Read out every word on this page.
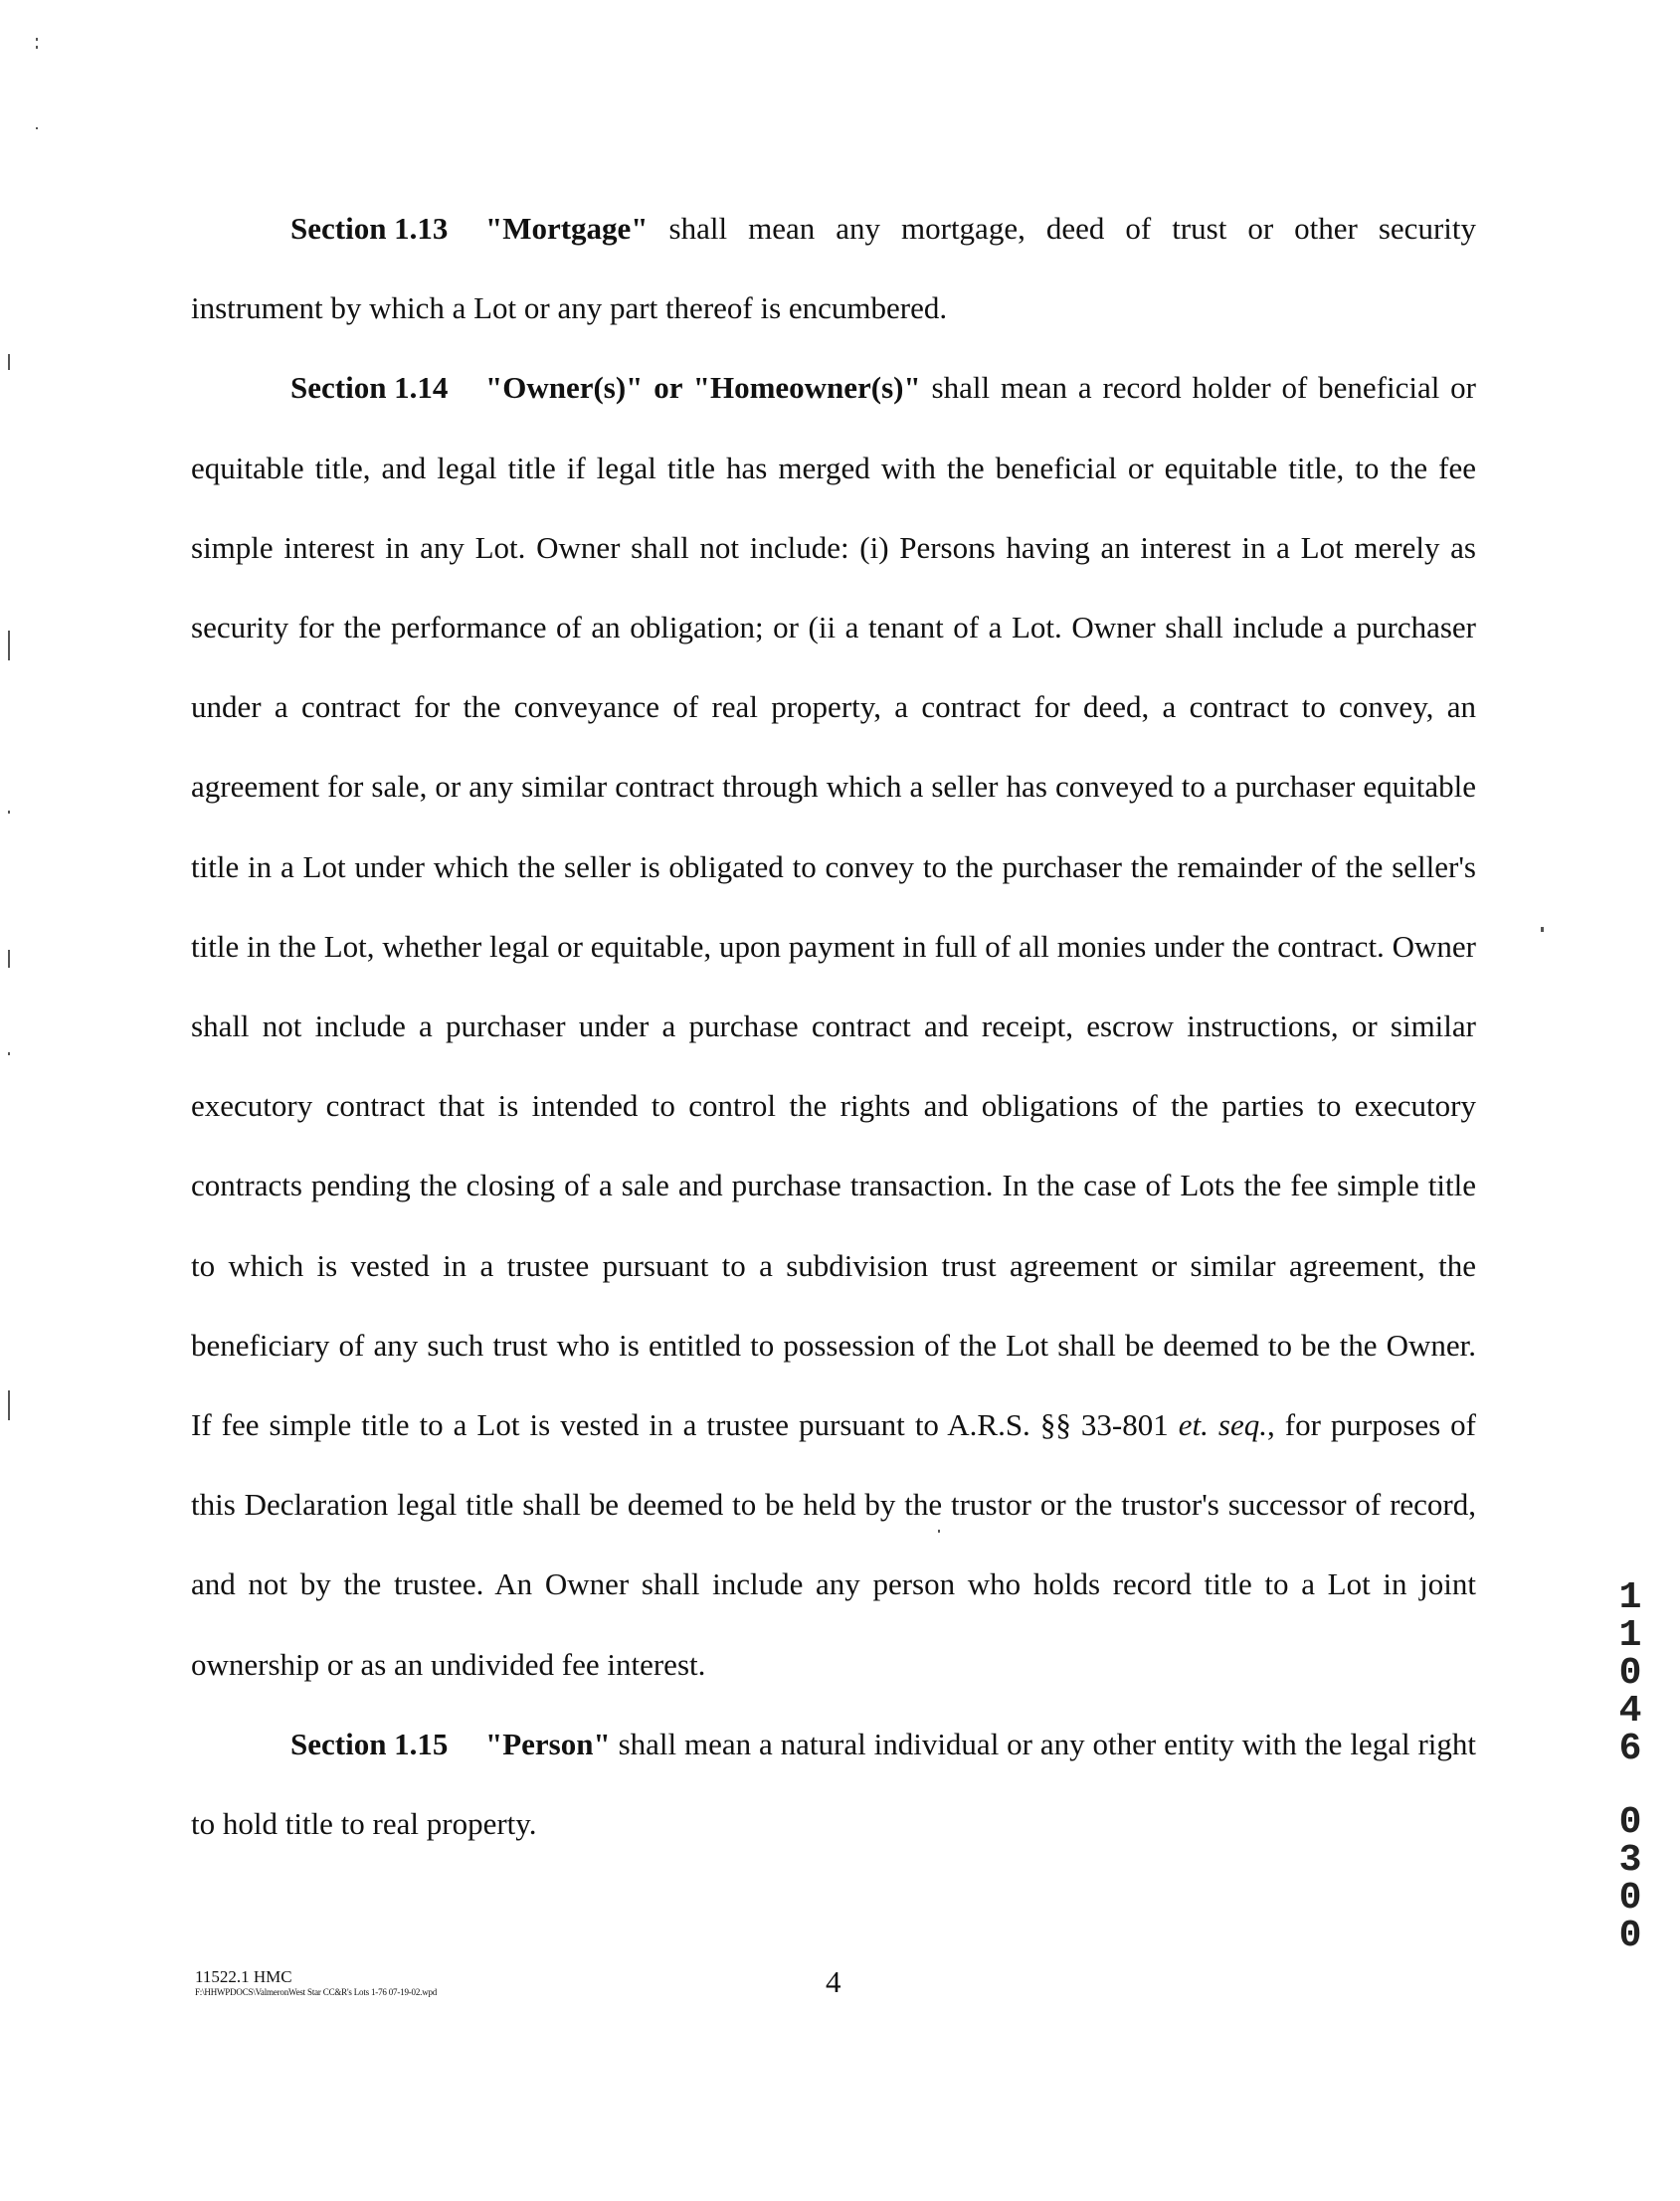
Section 1.13 "Mortgage" shall mean any mortgage, deed of trust or other security instrument by which a Lot or any part thereof is encumbered.

Section 1.14 "Owner(s)" or "Homeowner(s)" shall mean a record holder of beneficial or equitable title, and legal title if legal title has merged with the beneficial or equitable title, to the fee simple interest in any Lot. Owner shall not include: (i) Persons having an interest in a Lot merely as security for the performance of an obligation; or (ii a tenant of a Lot. Owner shall include a purchaser under a contract for the conveyance of real property, a contract for deed, a contract to convey, an agreement for sale, or any similar contract through which a seller has conveyed to a purchaser equitable title in a Lot under which the seller is obligated to convey to the purchaser the remainder of the seller's title in the Lot, whether legal or equitable, upon payment in full of all monies under the contract. Owner shall not include a purchaser under a purchase contract and receipt, escrow instructions, or similar executory contract that is intended to control the rights and obligations of the parties to executory contracts pending the closing of a sale and purchase transaction. In the case of Lots the fee simple title to which is vested in a trustee pursuant to a subdivision trust agreement or similar agreement, the beneficiary of any such trust who is entitled to possession of the Lot shall be deemed to be the Owner. If fee simple title to a Lot is vested in a trustee pursuant to A.R.S. §§ 33-801 et. seq., for purposes of this Declaration legal title shall be deemed to be held by the trustor or the trustor's successor of record, and not by the trustee. An Owner shall include any person who holds record title to a Lot in joint ownership or as an undivided fee interest.

Section 1.15 "Person" shall mean a natural individual or any other entity with the legal right to hold title to real property.

11522.1 HMC
F:\HHWPDOCS\ValmeronWest Star CC&R's Lots 1-76 07-19-02.wpd	4
1
1
0
4
6
0
3
0
0
